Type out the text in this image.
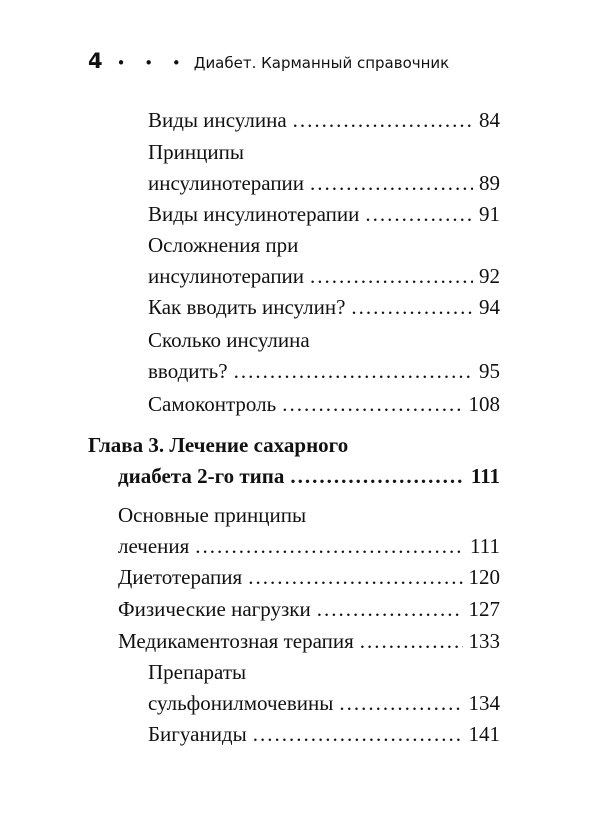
4 • • • Диабет. Карманный справочник
Виды инсулина .....	84
Принципы
инсулинотерапии .....	89
Виды инсулинотерапии .....	91
Осложнения при
инсулинотерапии .....	92
Как вводить инсулин? .....	94
Сколько инсулина
вводить? .....	95
Самоконтроль .....	108
Глава 3. Лечение сахарного
диабета 2-го типа .....	111
Основные принципы
лечения .....	111
Диетотерапия .....	120
Физические нагрузки .....	127
Медикаментозная терапия .....	133
Препараты
сульфонилмочевины .....	134
Бигуаниды .....	141
